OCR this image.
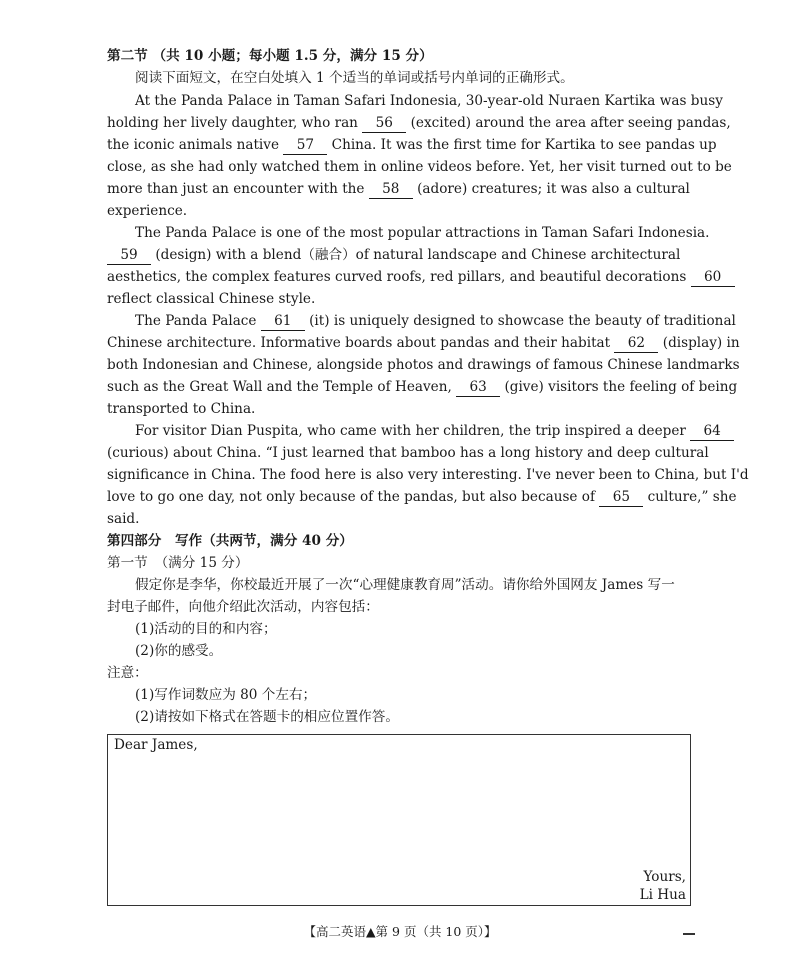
第二节 （共 10 小题；每小题 1.5 分，满分 15 分）
阅读下面短文，在空白处填入 1 个适当的单词或括号内单词的正确形式。
At the Panda Palace in Taman Safari Indonesia, 30-year-old Nuraen Kartika was busy
holding her lively daughter, who ran 56 (excited) around the area after seeing pandas,
the iconic animals native 57 China. It was the first time for Kartika to see pandas up
close, as she had only watched them in online videos before. Yet, her visit turned out to be
more than just an encounter with the 58 (adore) creatures; it was also a cultural
experience.
The Panda Palace is one of the most popular attractions in Taman Safari Indonesia.
59 (design) with a blend（融合）of natural landscape and Chinese architectural
aesthetics, the complex features curved roofs, red pillars, and beautiful decorations 60
reflect classical Chinese style.
The Panda Palace 61 (it) is uniquely designed to showcase the beauty of traditional
Chinese architecture. Informative boards about pandas and their habitat 62 (display) in
both Indonesian and Chinese, alongside photos and drawings of famous Chinese landmarks
such as the Great Wall and the Temple of Heaven, 63 (give) visitors the feeling of being
transported to China.
For visitor Dian Puspita, who came with her children, the trip inspired a deeper 64
(curious) about China. “I just learned that bamboo has a long history and deep cultural
significance in China. The food here is also very interesting. I've never been to China, but I'd
love to go one day, not only because of the pandas, but also because of 65 culture,” she
said.
第四部分　写作（共两节，满分 40 分）
第一节　（满分 15 分）
假定你是李华，你校最近开展了一次“心理健康教育周”活动。请你给外国网友 James 写一
封电子邮件，向他介绍此次活动，内容包括：
(1)活动的目的和内容；
(2)你的感受。
注意：
(1)写作词数应为 80 个左右；
(2)请按如下格式在答题卡的相应位置作答。
Dear James,
Yours,
Li Hua
【高二英语▲第 9 页（共 10 页）】
